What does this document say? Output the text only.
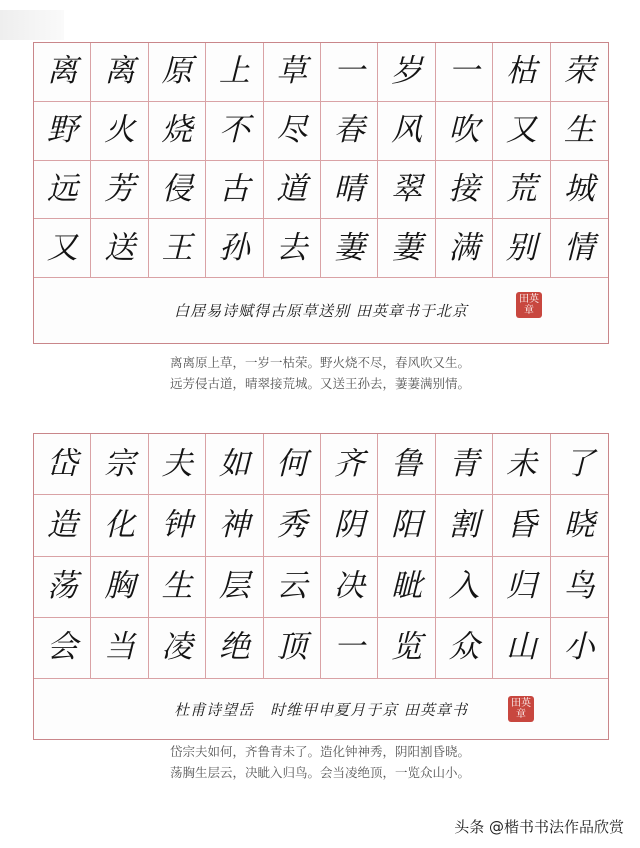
离 离 原 上 草 一 岁 一 枯 荣
野 火 烧 不 尽 春 风 吹 又 生
远 芳 侵 古 道 晴 翠 接 荒 城
又 送 王 孙 去 萋 萋 满 别 情
白居易诗赋得古原草送别 田英章书于北京
田英章
离离原上草，一岁一枯荣。野火烧不尽，春风吹又生。
远芳侵古道，晴翠接荒城。又送王孙去，萋萋满别情。
岱 宗 夫 如 何 齐 鲁 青 未 了
造 化 钟 神 秀 阴 阳 割 昏 晓
荡 胸 生 层 云 决 眦 入 归 鸟
会 当 凌 绝 顶 一 览 众 山 小
杜甫诗望岳　时维甲申夏月于京 田英章书	田英章
岱宗夫如何，齐鲁青未了。造化钟神秀，阴阳割昏晓。
荡胸生层云，决眦入归鸟。会当凌绝顶，一览众山小。
头条 @楷书书法作品欣赏
